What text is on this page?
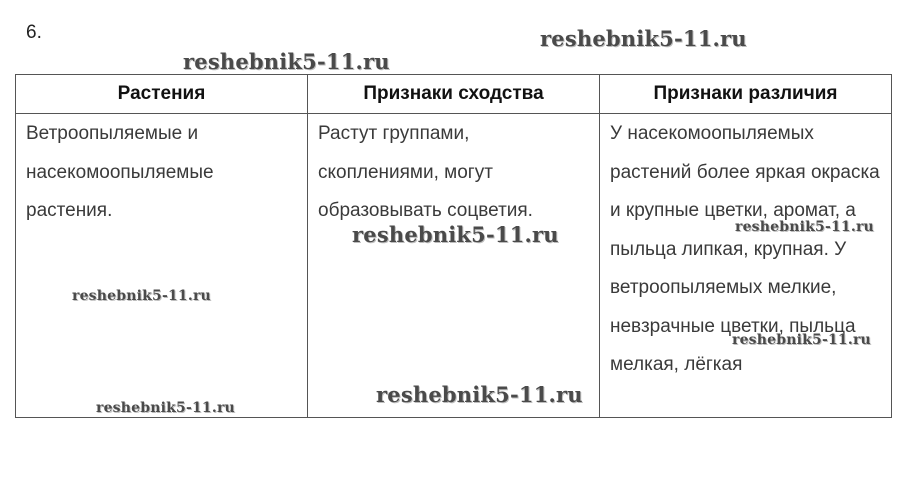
6.
Растения	Признаки сходства	Признаки различия
Ветроопыляемые и насекомоопыляемые растения.	Растут группами, скоплениями, могут образовывать соцветия.	У насекомоопыляемых растений более яркая окраска и крупные цветки, аромат, а пыльца липкая, крупная. У ветроопыляемых мелкие, невзрачные цветки, пыльца мелкая, лёгкая
reshebnik5-11.ru
reshebnik5-11.ru
reshebnik5-11.ru
reshebnik5-11.ru
reshebnik5-11.ru
reshebnik5-11.ru
reshebnik5-11.ru
reshebnik5-11.ru
